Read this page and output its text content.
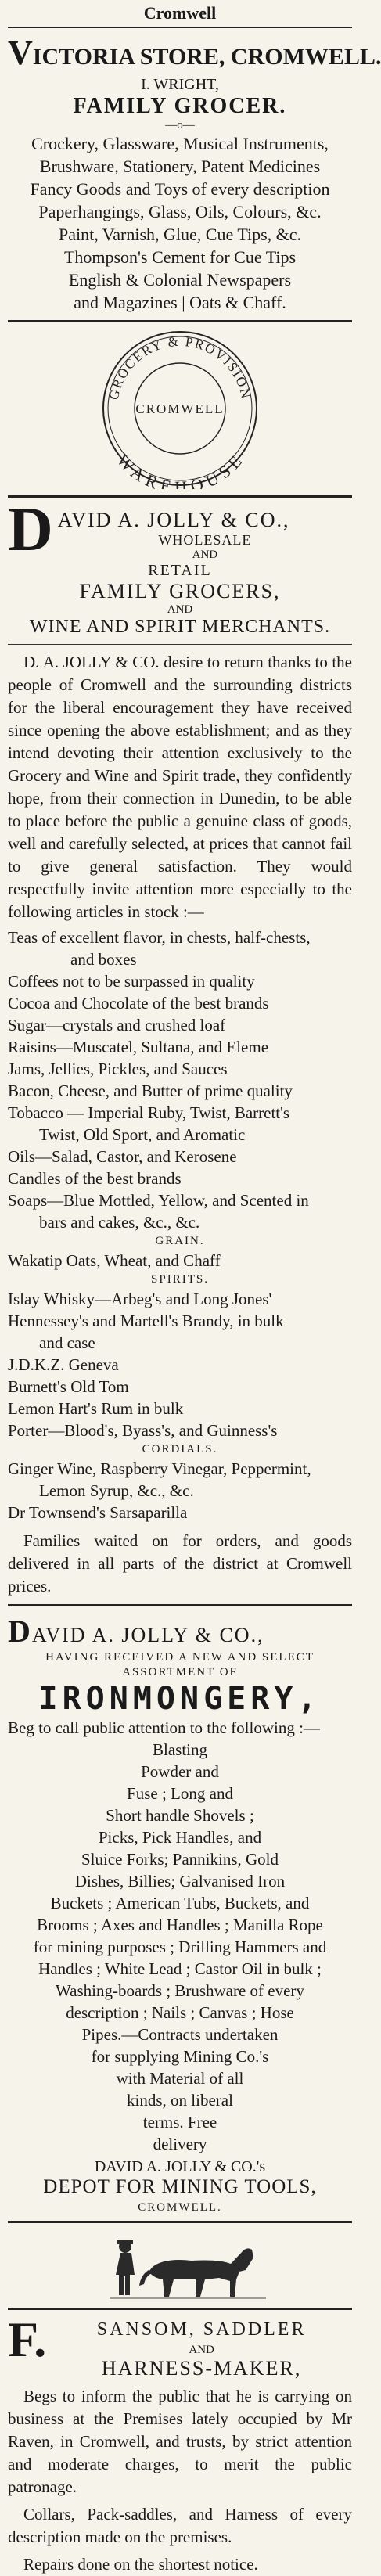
Cromwell
VICTORIA STORE, CROMWELL.
I. WRIGHT,
FAMILY GROCER.
—o—
Crockery, Glassware, Musical Instruments,
Brushware, Stationery, Patent Medicines
Fancy Goods and Toys of every description
Paperhangings, Glass, Oils, Colours, &c.
Paint, Varnish, Glue, Cue Tips, &c.
Thompson's Cement for Cue Tips
English & Colonial Newspapers
and Magazines | Oats & Chaff.
GROCERY & PROVISION
CROMWELL
WAREHOUSE
D AVID A. JOLLY & CO.,
WHOLESALE
AND
RETAIL
FAMILY GROCERS,
AND
WINE AND SPIRIT MERCHANTS.

D. A. JOLLY & CO. desire to return thanks to the people of Cromwell and the surrounding districts for the liberal encouragement they have received since opening the above establishment; and as they intend devoting their attention exclusively to the Grocery and Wine and Spirit trade, they confidently hope, from their connection in Dunedin, to be able to place before the public a genuine class of goods, well and carefully selected, at prices that cannot fail to give general satisfaction. They would respectfully invite attention more especially to the following articles in stock :—

Teas of excellent flavor, in chests, half-chests,
and boxes
Coffees not to be surpassed in quality
Cocoa and Chocolate of the best brands
Sugar—crystals and crushed loaf
Raisins—Muscatel, Sultana, and Eleme
Jams, Jellies, Pickles, and Sauces
Bacon, Cheese, and Butter of prime quality
Tobacco — Imperial Ruby, Twist, Barrett's
Twist, Old Sport, and Aromatic
Oils—Salad, Castor, and Kerosene
Candles of the best brands
Soaps—Blue Mottled, Yellow, and Scented in
bars and cakes, &c., &c.
GRAIN.
Wakatip Oats, Wheat, and Chaff
SPIRITS.
Islay Whisky—Arbeg's and Long Jones'
Hennessey's and Martell's Brandy, in bulk
and case
J.D.K.Z. Geneva
Burnett's Old Tom
Lemon Hart's Rum in bulk
Porter—Blood's, Byass's, and Guinness's
CORDIALS.
Ginger Wine, Raspberry Vinegar, Peppermint,
Lemon Syrup, &c., &c.
Dr Townsend's Sarsaparilla

Families waited on for orders, and goods delivered in all parts of the district at Cromwell prices.

DAVID A. JOLLY & CO.,
HAVING RECEIVED A NEW AND SELECT
ASSORTMENT OF
IRONMONGERY,
Beg to call public attention to the following :—
Blasting
Powder and
Fuse ; Long and
Short handle Shovels ;
Picks, Pick Handles, and
Sluice Forks; Pannikins, Gold
Dishes, Billies; Galvanised Iron
Buckets ; American Tubs, Buckets, and
Brooms ; Axes and Handles ; Manilla Rope
for mining purposes ; Drilling Hammers and
Handles ; White Lead ; Castor Oil in bulk ;
Washing-boards ; Brushware of every
description ; Nails ; Canvas ; Hose
Pipes.—Contracts undertaken
for supplying Mining Co.'s
with Material of all
kinds, on liberal
terms. Free
delivery
DAVID A. JOLLY & CO.'s
DEPOT FOR MINING TOOLS,
CROMWELL.
F.	SANSOM, SADDLER
AND
HARNESS-MAKER,

Begs to inform the public that he is carrying on business at the Premises lately occupied by Mr Raven, in Cromwell, and trusts, by strict attention and moderate charges, to merit the public patronage.

Collars, Pack-saddles, and Harness of every description made on the premises.

Repairs done on the shortest notice.
